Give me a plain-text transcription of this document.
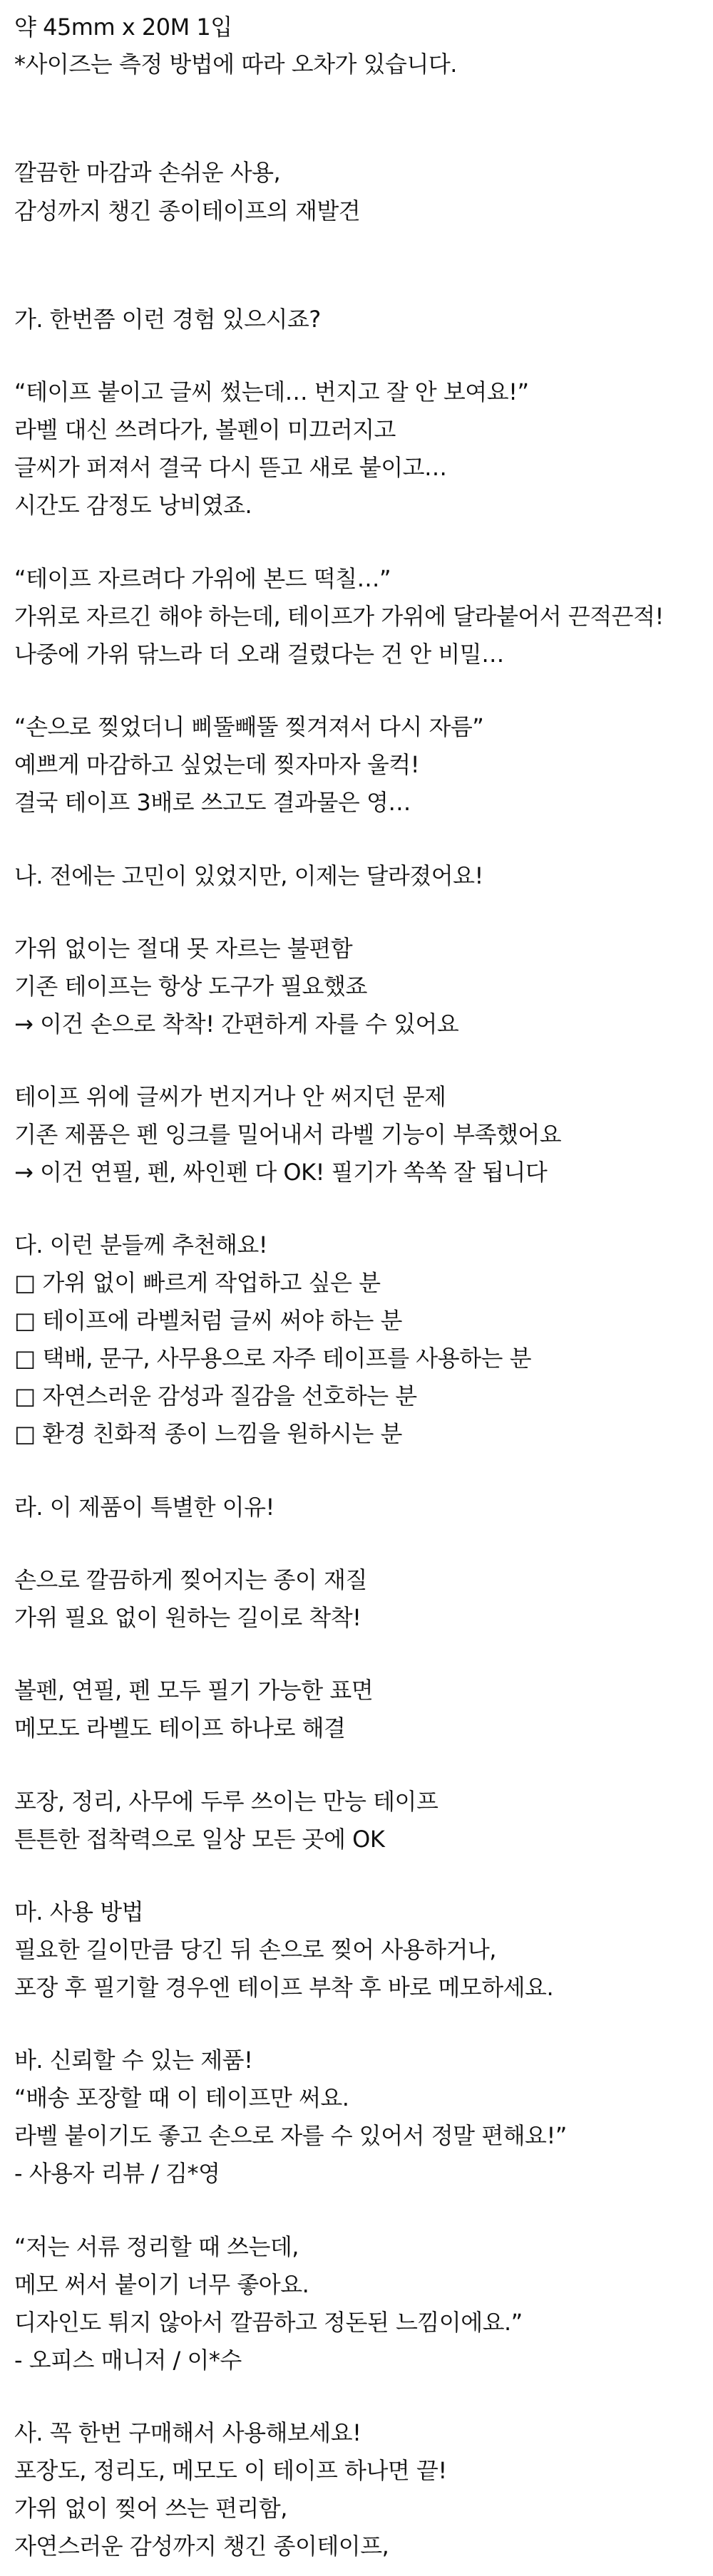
약 45mm x 20M 1입
*사이즈는 측정 방법에 따라 오차가 있습니다.
깔끔한 마감과 손쉬운 사용,
감성까지 챙긴 종이테이프의 재발견
가. 한번쯤 이런 경험 있으시죠?
“테이프 붙이고 글씨 썼는데… 번지고 잘 안 보여요!”
라벨 대신 쓰려다가, 볼펜이 미끄러지고
글씨가 퍼져서 결국 다시 뜯고 새로 붙이고…
시간도 감정도 낭비였죠.
“테이프 자르려다 가위에 본드 떡칠…”
가위로 자르긴 해야 하는데, 테이프가 가위에 달라붙어서 끈적끈적!
나중에 가위 닦느라 더 오래 걸렸다는 건 안 비밀…
“손으로 찢었더니 삐뚤빼뚤 찢겨져서 다시 자름”
예쁘게 마감하고 싶었는데 찢자마자 울컥!
결국 테이프 3배로 쓰고도 결과물은 영…
나. 전에는 고민이 있었지만, 이제는 달라졌어요!
가위 없이는 절대 못 자르는 불편함
기존 테이프는 항상 도구가 필요했죠
→ 이건 손으로 착착! 간편하게 자를 수 있어요
테이프 위에 글씨가 번지거나 안 써지던 문제
기존 제품은 펜 잉크를 밀어내서 라벨 기능이 부족했어요
→ 이건 연필, 펜, 싸인펜 다 OK! 필기가 쏙쏙 잘 됩니다
다. 이런 분들께 추천해요!
□ 가위 없이 빠르게 작업하고 싶은 분
□ 테이프에 라벨처럼 글씨 써야 하는 분
□ 택배, 문구, 사무용으로 자주 테이프를 사용하는 분
□ 자연스러운 감성과 질감을 선호하는 분
□ 환경 친화적 종이 느낌을 원하시는 분
라. 이 제품이 특별한 이유!
손으로 깔끔하게 찢어지는 종이 재질
가위 필요 없이 원하는 길이로 착착!
볼펜, 연필, 펜 모두 필기 가능한 표면
메모도 라벨도 테이프 하나로 해결
포장, 정리, 사무에 두루 쓰이는 만능 테이프
튼튼한 접착력으로 일상 모든 곳에 OK
마. 사용 방법
필요한 길이만큼 당긴 뒤 손으로 찢어 사용하거나,
포장 후 필기할 경우엔 테이프 부착 후 바로 메모하세요.
바. 신뢰할 수 있는 제품!
“배송 포장할 때 이 테이프만 써요.
라벨 붙이기도 좋고 손으로 자를 수 있어서 정말 편해요!”
- 사용자 리뷰 / 김*영
“저는 서류 정리할 때 쓰는데,
메모 써서 붙이기 너무 좋아요.
디자인도 튀지 않아서 깔끔하고 정돈된 느낌이에요.”
- 오피스 매니저 / 이*수
사. 꼭 한번 구매해서 사용해보세요!
포장도, 정리도, 메모도 이 테이프 하나면 끝!
가위 없이 찢어 쓰는 편리함,
자연스러운 감성까지 챙긴 종이테이프,
